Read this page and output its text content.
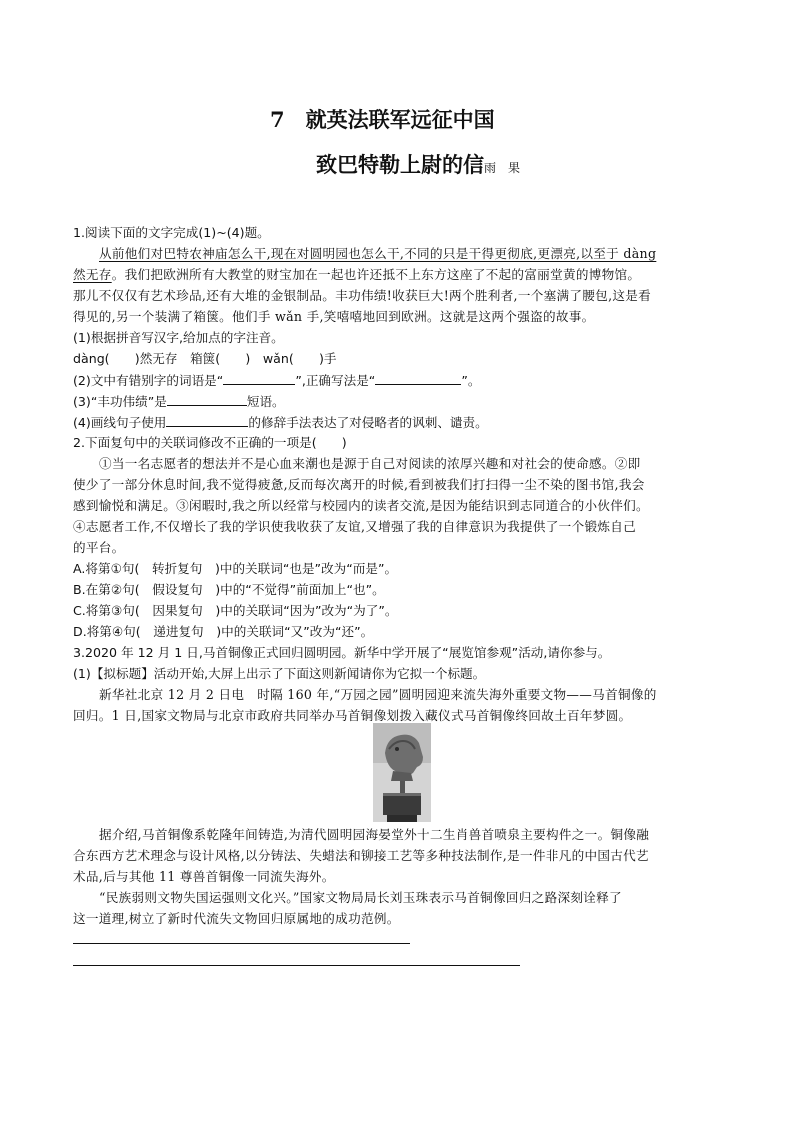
7　就英法联军远征中国
致巴特勒上尉的信雨　果
1.阅读下面的文字完成(1)~(4)题。
从前他们对巴特农神庙怎么干,现在对圆明园也怎么干,不同的只是干得更彻底,更漂亮,以至于 dàng
然无存。我们把欧洲所有大教堂的财宝加在一起也许还抵不上东方这座了不起的富丽堂黄的博物馆。
那儿不仅仅有艺术珍品,还有大堆的金银制品。丰功伟绩!收获巨大!两个胜利者,一个塞满了腰包,这是看
得见的,另一个装满了箱箧。他们手 wǎn 手,笑嘻嘻地回到欧洲。这就是这两个强盗的故事。
(1)根据拼音写汉字,给加点的字注音。
dàng(　　)然无存　箱箧(　　)　wǎn(　　)手
(2)文中有错别字的词语是“	”,正确写法是“	”。
(3)“丰功伟绩”是	短语。
(4)画线句子使用	的修辞手法表达了对侵略者的讽刺、谴责。
2.下面复句中的关联词修改不正确的一项是(　　)
①当一名志愿者的想法并不是心血来潮也是源于自己对阅读的浓厚兴趣和对社会的使命感。②即
使少了一部分休息时间,我不觉得疲惫,反而每次离开的时候,看到被我们打扫得一尘不染的图书馆,我会
感到愉悦和满足。③闲暇时,我之所以经常与校园内的读者交流,是因为能结识到志同道合的小伙伴们。
④志愿者工作,不仅增长了我的学识使我收获了友谊,又增强了我的自律意识为我提供了一个锻炼自己
的平台。
A.将第①句(　转折复句　)中的关联词“也是”改为“而是”。
B.在第②句(　假设复句　)中的“不觉得”前面加上“也”。
C.将第③句(　因果复句　)中的关联词“因为”改为“为了”。
D.将第④句(　递进复句　)中的关联词“又”改为“还”。
3.2020 年 12 月 1 日,马首铜像正式回归圆明园。新华中学开展了“展览馆参观”活动,请你参与。
(1)【拟标题】活动开始,大屏上出示了下面这则新闻请你为它拟一个标题。
新华社北京 12 月 2 日电　时隔 160 年,“万园之园”圆明园迎来流失海外重要文物——马首铜像的
回归。1 日,国家文物局与北京市政府共同举办马首铜像划拨入藏仪式马首铜像终回故土百年梦圆。
据介绍,马首铜像系乾隆年间铸造,为清代圆明园海晏堂外十二生肖兽首喷泉主要构件之一。铜像融
合东西方艺术理念与设计风格,以分铸法、失蜡法和铆接工艺等多种技法制作,是一件非凡的中国古代艺
术品,后与其他 11 尊兽首铜像一同流失海外。
“民族弱则文物失国运强则文化兴。”国家文物局局长刘玉珠表示马首铜像回归之路深刻诠释了
这一道理,树立了新时代流失文物回归原属地的成功范例。
